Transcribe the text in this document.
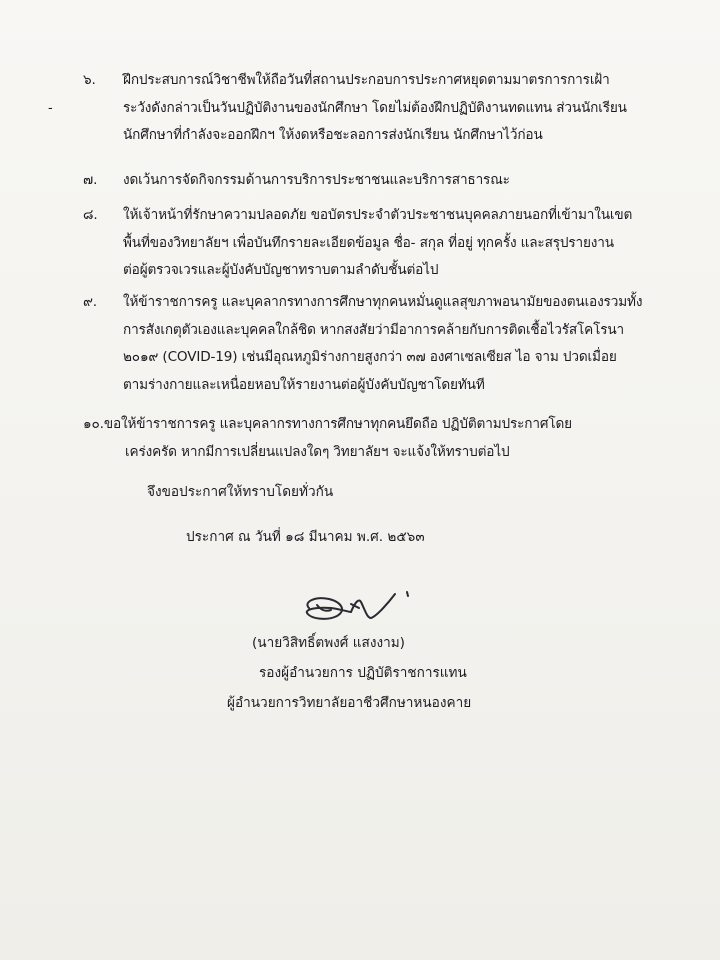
๖.	ฝึกประสบการณ์วิชาชีพให้ถือวันที่สถานประกอบการประกาศหยุดตามมาตรการการเฝ้า
-	ระวังดังกล่าวเป็นวันปฏิบัติงานของนักศึกษา โดยไม่ต้องฝึกปฏิบัติงานทดแทน ส่วนนักเรียน
นักศึกษาที่กำลังจะออกฝึกฯ ให้งดหรือชะลอการส่งนักเรียน นักศึกษาไว้ก่อน
๗.	งดเว้นการจัดกิจกรรมด้านการบริการประชาชนและบริการสาธารณะ
๘.	ให้เจ้าหน้าที่รักษาความปลอดภัย ขอบัตรประจำตัวประชาชนบุคคลภายนอกที่เข้ามาในเขต
พื้นที่ของวิทยาลัยฯ เพื่อบันทึกรายละเอียดข้อมูล ชื่อ- สกุล ที่อยู่ ทุกครั้ง และสรุปรายงาน
ต่อผู้ตรวจเวรและผู้บังคับบัญชาทราบตามลำดับชั้นต่อไป
๙.	ให้ข้าราชการครู และบุคลากรทางการศึกษาทุกคนหมั่นดูแลสุขภาพอนามัยของตนเองรวมทั้ง
การสังเกตุตัวเองและบุคคลใกล้ชิด หากสงสัยว่ามีอาการคล้ายกับการติดเชื้อไวรัสโคโรนา
๒๐๑๙ (COVID-19) เช่นมีอุณหภูมิร่างกายสูงกว่า ๓๗ องศาเซลเซียส ไอ จาม ปวดเมื่อย
ตามร่างกายและเหนื่อยหอบให้รายงานต่อผู้บังคับบัญชาโดยทันที
๑๐.ขอให้ข้าราชการครู และบุคลากรทางการศึกษาทุกคนยึดถือ ปฏิบัติตามประกาศโดย
เคร่งครัด หากมีการเปลี่ยนแปลงใดๆ วิทยาลัยฯ จะแจ้งให้ทราบต่อไป
จึงขอประกาศให้ทราบโดยทั่วกัน
ประกาศ ณ วันที่ ๑๘ มีนาคม พ.ศ. ๒๕๖๓
(นายวิสิทธิ์ตพงศ์ แสงงาม)
รองผู้อำนวยการ ปฏิบัติราชการแทน
ผู้อำนวยการวิทยาลัยอาชีวศึกษาหนองคาย
